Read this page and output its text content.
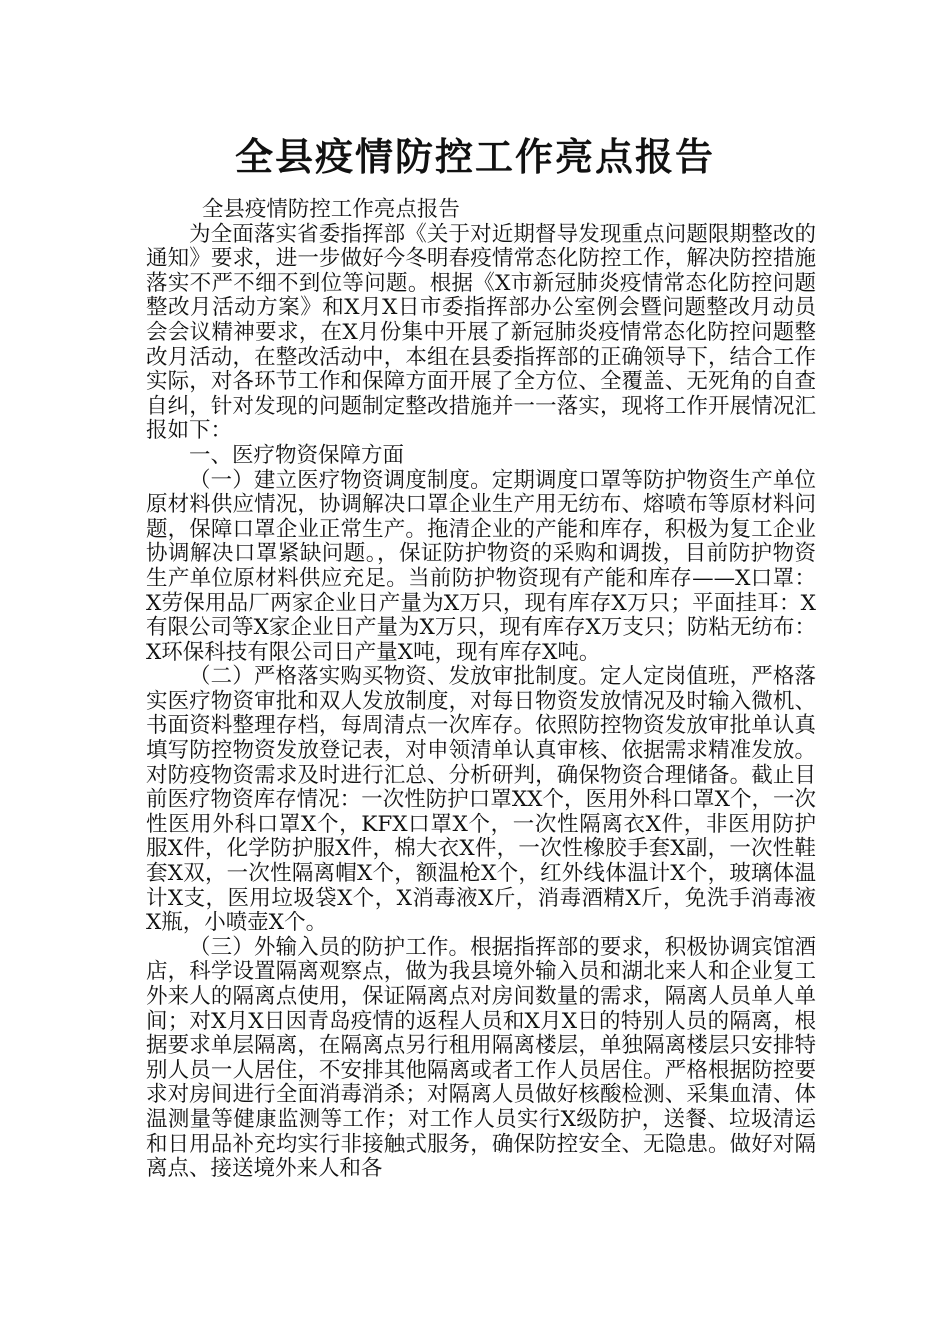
全县疫情防控工作亮点报告

全县疫情防控工作亮点报告

为全面落实省委指挥部《关于对近期督导发现重点问题限期整改的通知》要求，进一步做好今冬明春疫情常态化防控工作，解决防控措施落实不严不细不到位等问题。根据《X市新冠肺炎疫情常态化防控问题整改月活动方案》和X月X日市委指挥部办公室例会暨问题整改月动员会会议精神要求，在X月份集中开展了新冠肺炎疫情常态化防控问题整改月活动，在整改活动中，本组在县委指挥部的正确领导下，结合工作实际，对各环节工作和保障方面开展了全方位、全覆盖、无死角的自查自纠，针对发现的问题制定整改措施并一一落实，现将工作开展情况汇报如下：

一、医疗物资保障方面

（一）建立医疗物资调度制度。定期调度口罩等防护物资生产单位原材料供应情况，协调解决口罩企业生产用无纺布、熔喷布等原材料问题，保障口罩企业正常生产。拖清企业的产能和库存，积极为复工企业协调解决口罩紧缺问题。，保证防护物资的采购和调拨，目前防护物资生产单位原材料供应充足。当前防护物资现有产能和库存——X口罩：X劳保用品厂两家企业日产量为X万只，现有库存X万只；平面挂耳：X有限公司等X家企业日产量为X万只，现有库存X万支只；防粘无纺布：X环保科技有限公司日产量X吨，现有库存X吨。

（二）严格落实购买物资、发放审批制度。定人定岗值班，严格落实医疗物资审批和双人发放制度，对每日物资发放情况及时输入微机、书面资料整理存档，每周清点一次库存。依照防控物资发放审批单认真填写防控物资发放登记表，对申领清单认真审核、依据需求精准发放。对防疫物资需求及时进行汇总、分析研判，确保物资合理储备。截止目前医疗物资库存情况：一次性防护口罩XX个，医用外科口罩X个，一次性医用外科口罩X个，KFX口罩X个，一次性隔离衣X件，非医用防护服X件，化学防护服X件，棉大衣X件，一次性橡胶手套X副，一次性鞋套X双，一次性隔离帽X个，额温枪X个，红外线体温计X个，玻璃体温计X支，医用垃圾袋X个，X消毒液X斤，消毒酒精X斤，免洗手消毒液X瓶，小喷壶X个。

（三）外输入员的防护工作。根据指挥部的要求，积极协调宾馆酒店，科学设置隔离观察点，做为我县境外输入员和湖北来人和企业复工外来人的隔离点使用，保证隔离点对房间数量的需求，隔离人员单人单间；对X月X日因青岛疫情的返程人员和X月X日的特别人员的隔离，根据要求单层隔离，在隔离点另行租用隔离楼层，单独隔离楼层只安排特别人员一人居住，不安排其他隔离或者工作人员居住。严格根据防控要求对房间进行全面消毒消杀；对隔离人员做好核酸检测、采集血清、体温测量等健康监测等工作；对工作人员实行X级防护，送餐、垃圾清运和日用品补充均实行非接触式服务，确保防控安全、无隐患。做好对隔离点、接送境外来人和各
